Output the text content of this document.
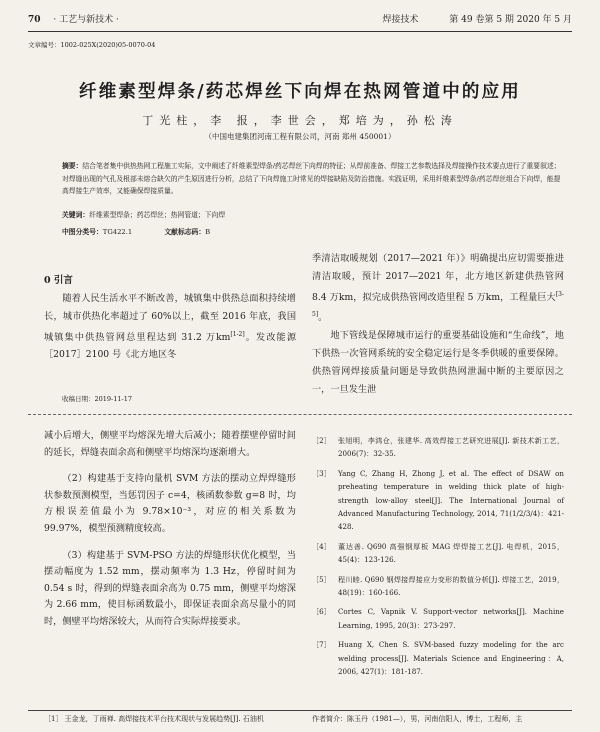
70 · 工艺与新技术 ·	焊接技术	第 49 卷第 5 期 2020 年 5 月
文章编号：1002-025X(2020)05-0070-04
纤维素型焊条/药芯焊丝下向焊在热网管道中的应用
丁光柱，李 报，李世会，郑培为，孙松涛
（中国电建集团河南工程有限公司，河南 郑州 450001）
摘要：结合笔者集中供热热网工程施工实际，文中阐述了纤维素型焊条/药芯焊丝下向焊的特征；从焊前准备、焊接工艺参数选择及焊接操作技术要点进行了重要叙述；对焊缝出现的气孔及根部未熔合缺欠的产生原因进行分析，总结了下向焊施工时常见的焊接缺陷及防治措施。实践证明，采用纤维素型焊条/药芯焊丝组合下向焊，能提高焊接生产效率，又能确保焊接质量。
关键词：纤维素型焊条；药芯焊丝；热网管道；下向焊
中图分类号：TG422.1	文献标志码：B
0 引言

随着人民生活水平不断改善，城镇集中供热总面积持续增长，城市供热化率超过了 60%以上，截至 2016 年底，我国城镇集中供热管网总里程达到 31.2 万km[1-2]。发改能源［2017］2100 号《北方地区冬

季清洁取暖规划（2017—2021 年）》明确提出应切需要推进清洁取暖，预计 2017—2021 年，北方地区新建供热管网 8.4 万km，拟完成供热管网改造里程 5 万km，工程量巨大[3-5]。

地下管线是保障城市运行的重要基础设施和“生命线”，地下供热一次管网系统的安全稳定运行是冬季供暖的重要保障。供热管网焊接质量问题是导致供热网泄漏中断的主要原因之一，一旦发生泄

收稿日期：2019-11-17

减小后增大，侧壁平均熔深先增大后减小；随着摆壁停留时间的延长，焊缝表面余高和侧壁平均熔深均逐渐增大。

（2）构建基于支持向量机 SVM 方法的摆动立焊焊缝形状参数预测模型，当惩罚因子 c=4，核函数参数 g=8 时，均方根误差值最小为 9.78×10⁻³，对应的相关系数为 99.97%，模型预测精度较高。

（3）构建基于 SVM-PSO 方法的焊缝形状优化模型，当摆动幅度为 1.52 mm，摆动频率为 1.3 Hz，停留时间为 0.54 s 时，得到的焊缝表面余高为 0.75 mm，侧壁平均熔深为 2.66 mm，使目标函数最小，即保证表面余高尽量小的同时，侧壁平均熔深较大，从而符合实际焊接要求。

［2］	张旭明，李鸿仓，张建华. 高效焊接工艺研究进展[J]. 新技术新工艺，2006(7)：32-35.
［3］	Yang C, Zhang H, Zhong J, et al. The effect of DSAW on preheating temperature in welding thick plate of high-strength low-alloy steel[J]. The International Journal of Advanced Manufacturing Technology, 2014, 71(1/2/3/4)：421-428.
［4］	董达善. Q690 高强钢厚板 MAG 焊焊接工艺[J]. 电焊机，2015，45(4)：123-126.
［5］	程川睦. Q690 钢焊接焊接应力变形的数值分析[J]. 焊接工艺，2019，48(19)：160-166.
［6］	Cortes C, Vapnik V. Support-vector networks[J]. Machine Learning, 1995, 20(3)：273-297.
［7］	Huang X, Chen S. SVM-based fuzzy modeling for the arc welding process[J]. Materials Science and Engineering：A, 2006, 427(1)：181-187.
［1］ 王金龙，丁雨禅. 高焊接技术平台技术现状与发展趋势[J]. 石油机	作者简介：陈玉丹（1981—），男，河南信阳人，博士，工程师，主
